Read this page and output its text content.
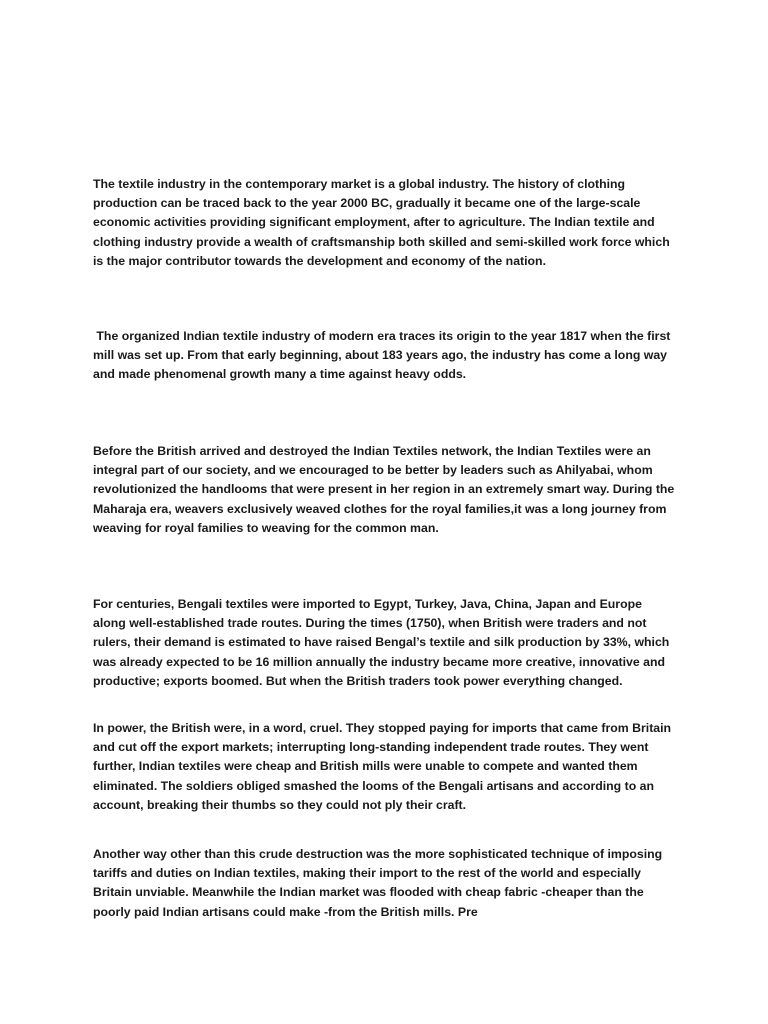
The textile industry in the contemporary market is a global industry. The history of clothing production can be traced back to the year 2000 BC, gradually it became one of the large-scale economic activities providing significant employment, after to agriculture. The Indian textile and clothing industry provide a wealth of craftsmanship both skilled and semi-skilled work force which is the major contributor towards the development and economy of the nation.

The organized Indian textile industry of modern era traces its origin to the year 1817 when the first mill was set up. From that early beginning, about 183 years ago, the industry has come a long way and made phenomenal growth many a time against heavy odds.

Before the British arrived and destroyed the Indian Textiles network, the Indian Textiles were an integral part of our society, and we encouraged to be better by leaders such as Ahilyabai, whom revolutionized the handlooms that were present in her region in an extremely smart way. During the Maharaja era, weavers exclusively weaved clothes for the royal families,it was a long journey from weaving for royal families to weaving for the common man.

For centuries, Bengali textiles were imported to Egypt, Turkey, Java, China, Japan and Europe along well-established trade routes. During the times (1750), when British were traders and not rulers, their demand is estimated to have raised Bengal’s textile and silk production by 33%, which was already expected to be 16 million annually the industry became more creative, innovative and productive; exports boomed. But when the British traders took power everything changed.

In power, the British were, in a word, cruel. They stopped paying for imports that came from Britain and cut off the export markets; interrupting long-standing independent trade routes. They went further, Indian textiles were cheap and British mills were unable to compete and wanted them eliminated. The soldiers obliged smashed the looms of the Bengali artisans and according to an account, breaking their thumbs so they could not ply their craft.

Another way other than this crude destruction was the more sophisticated technique of imposing tariffs and duties on Indian textiles, making their import to the rest of the world and especially Britain unviable. Meanwhile the Indian market was flooded with cheap fabric -cheaper than the poorly paid Indian artisans could make -from the British mills. Pre
